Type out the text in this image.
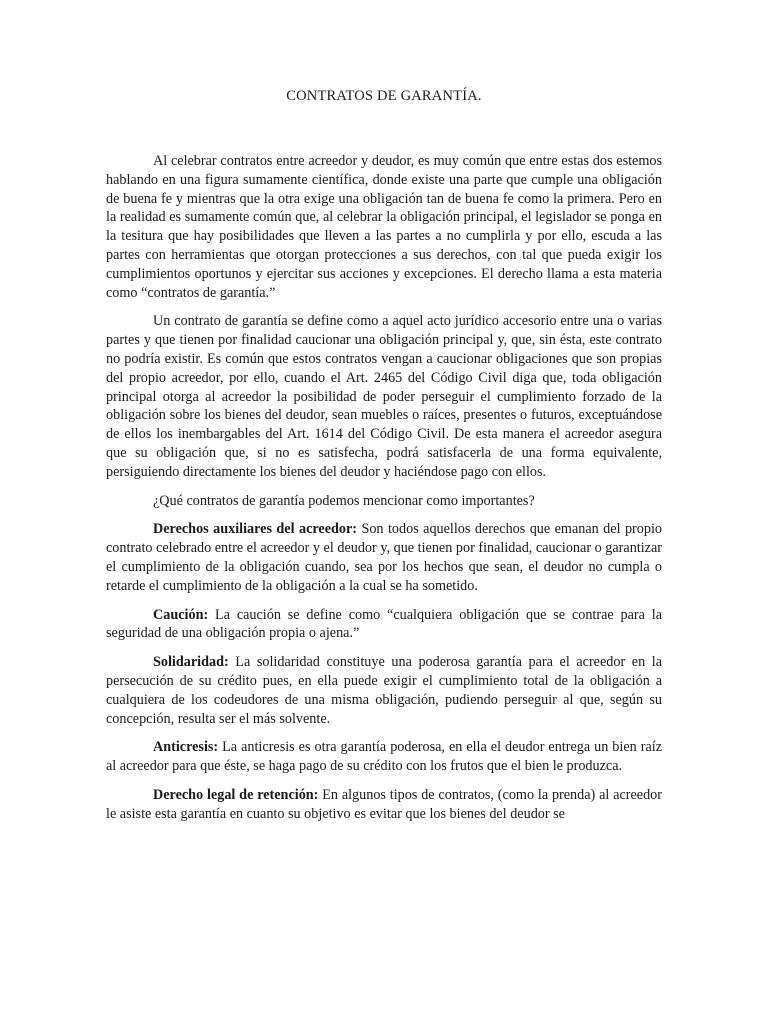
CONTRATOS DE GARANTÍA.

Al celebrar contratos entre acreedor y deudor, es muy común que entre estas dos estemos hablando en una figura sumamente científica, donde existe una parte que cumple una obligación de buena fe y mientras que la otra exige una obligación tan de buena fe como la primera. Pero en la realidad es sumamente común que, al celebrar la obligación principal, el legislador se ponga en la tesitura que hay posibilidades que lleven a las partes a no cumplirla y por ello, escuda a las partes con herramientas que otorgan protecciones a sus derechos, con tal que pueda exigir los cumplimientos oportunos y ejercitar sus acciones y excepciones. El derecho llama a esta materia como “contratos de garantía.”

Un contrato de garantía se define como a aquel acto jurídico accesorio entre una o varias partes y que tienen por finalidad caucionar una obligación principal y, que, sin ésta, este contrato no podría existir. Es común que estos contratos vengan a caucionar obligaciones que son propias del propio acreedor, por ello, cuando el Art. 2465 del Código Civil diga que, toda obligación principal otorga al acreedor la posibilidad de poder perseguir el cumplimiento forzado de la obligación sobre los bienes del deudor, sean muebles o raíces, presentes o futuros, exceptuándose de ellos los inembargables del Art. 1614 del Código Civil. De esta manera el acreedor asegura que su obligación que, si no es satisfecha, podrá satisfacerla de una forma equivalente, persiguiendo directamente los bienes del deudor y haciéndose pago con ellos.

¿Qué contratos de garantía podemos mencionar como importantes?

Derechos auxiliares del acreedor: Son todos aquellos derechos que emanan del propio contrato celebrado entre el acreedor y el deudor y, que tienen por finalidad, caucionar o garantizar el cumplimiento de la obligación cuando, sea por los hechos que sean, el deudor no cumpla o retarde el cumplimiento de la obligación a la cual se ha sometido.

Caución: La caución se define como “cualquiera obligación que se contrae para la seguridad de una obligación propia o ajena.”

Solidaridad: La solidaridad constituye una poderosa garantía para el acreedor en la persecución de su crédito pues, en ella puede exigir el cumplimiento total de la obligación a cualquiera de los codeudores de una misma obligación, pudiendo perseguir al que, según su concepción, resulta ser el más solvente.

Anticresis: La anticresis es otra garantía poderosa, en ella el deudor entrega un bien raíz al acreedor para que éste, se haga pago de su crédito con los frutos que el bien le produzca.

Derecho legal de retención: En algunos tipos de contratos, (como la prenda) al acreedor le asiste esta garantía en cuanto su objetivo es evitar que los bienes del deudor se
